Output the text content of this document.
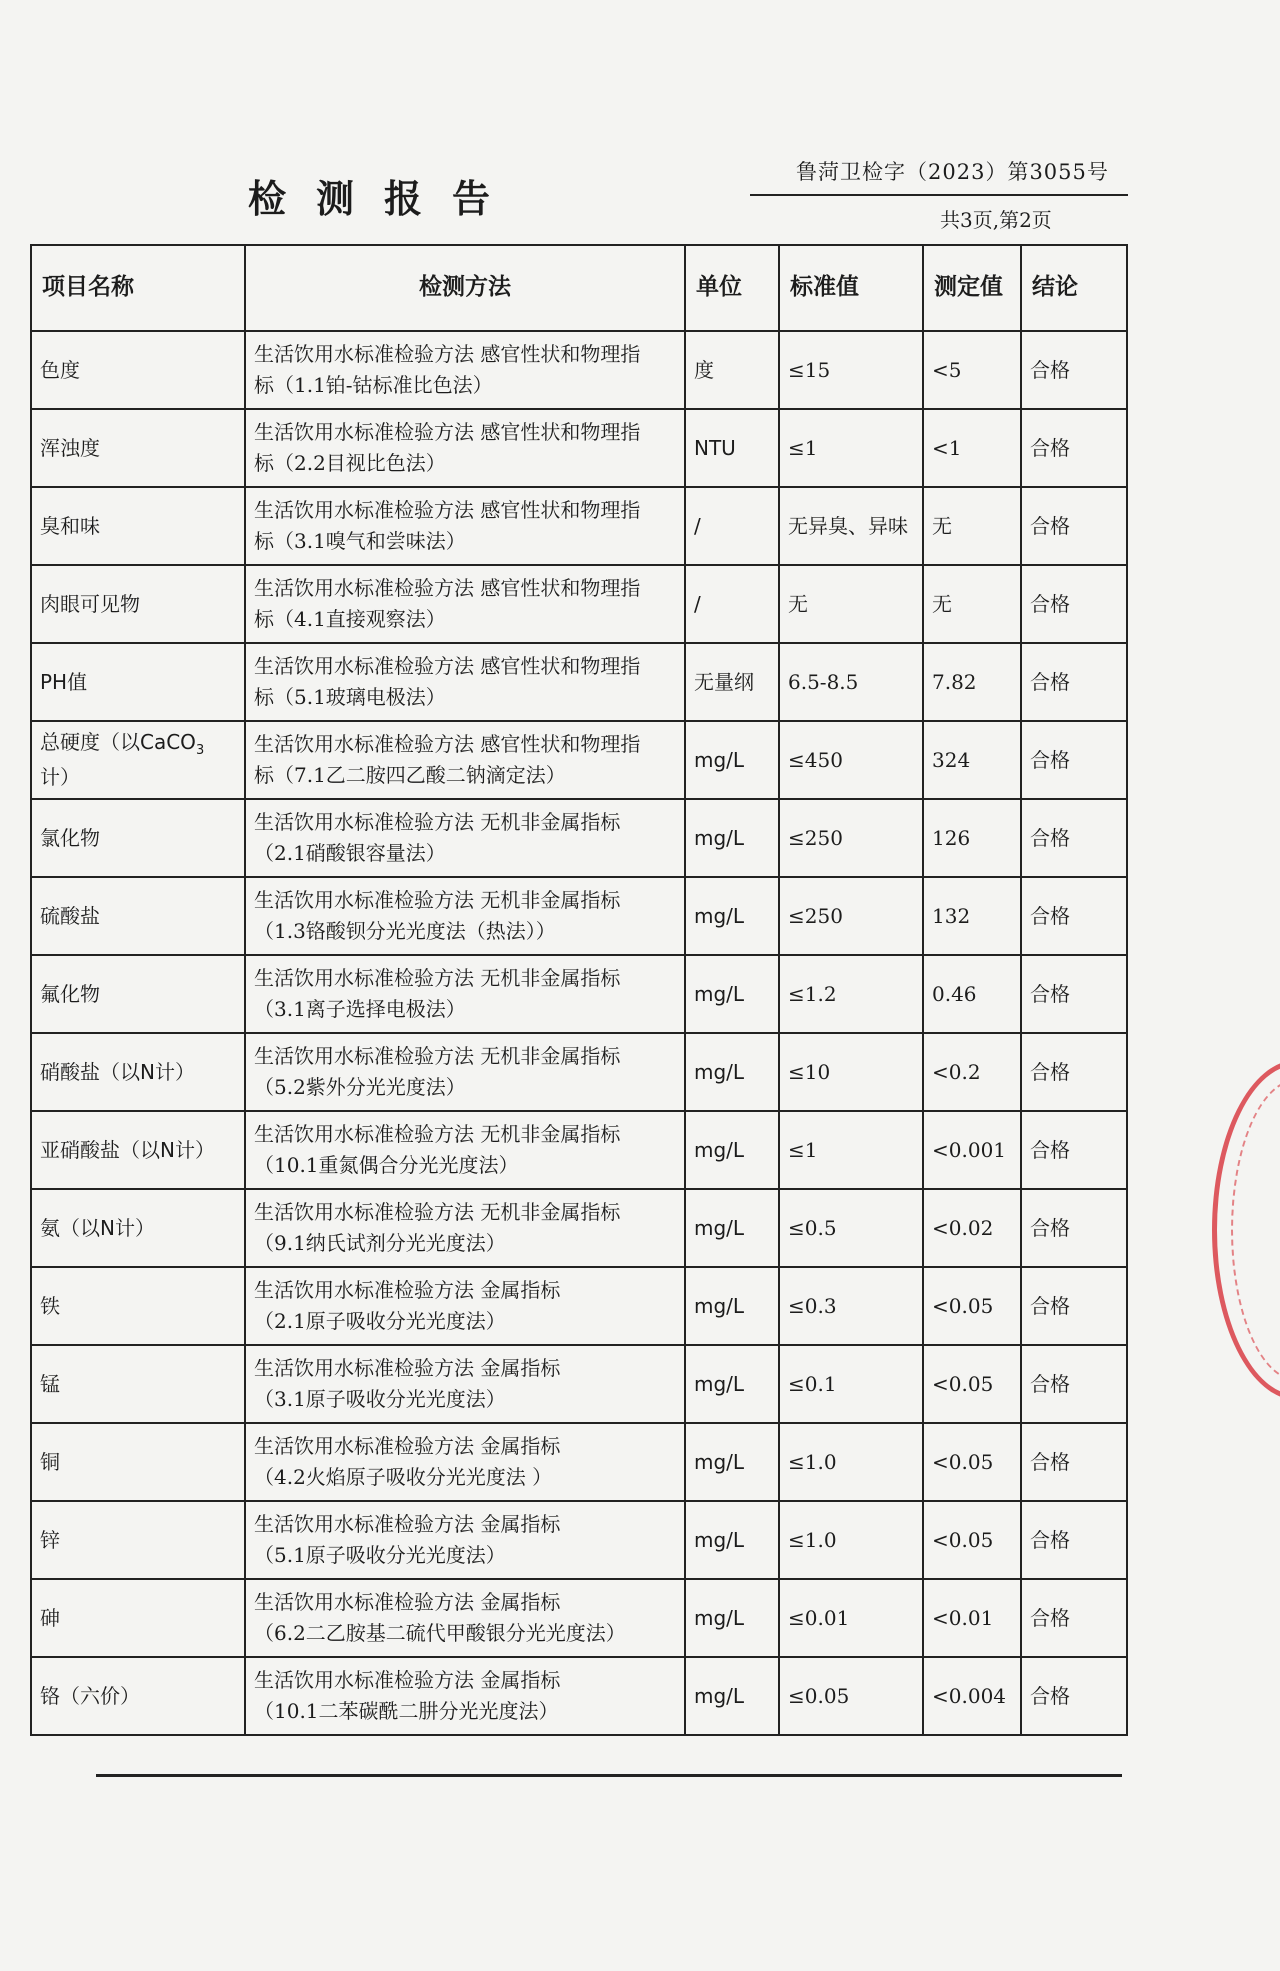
检测报告
鲁菏卫检字（2023）第3055号
共3页,第2页
项目名称	检测方法	单位	标准值	测定值	结论
色度	生活饮用水标准检验方法 感官性状和物理指
标（1.1铂-钴标准比色法）	度	≤15	<5	合格
浑浊度	生活饮用水标准检验方法 感官性状和物理指
标（2.2目视比色法）	NTU	≤1	<1	合格
臭和味	生活饮用水标准检验方法 感官性状和物理指
标（3.1嗅气和尝味法）	/	无异臭、异味	无	合格
肉眼可见物	生活饮用水标准检验方法 感官性状和物理指
标（4.1直接观察法）	/	无	无	合格
PH值	生活饮用水标准检验方法 感官性状和物理指
标（5.1玻璃电极法）	无量纲	6.5-8.5	7.82	合格
总硬度（以CaCO$_3$计）	生活饮用水标准检验方法 感官性状和物理指
标（7.1乙二胺四乙酸二钠滴定法）	mg/L	≤450	324	合格
氯化物	生活饮用水标准检验方法 无机非金属指标
（2.1硝酸银容量法）	mg/L	≤250	126	合格
硫酸盐	生活饮用水标准检验方法 无机非金属指标
（1.3铬酸钡分光光度法（热法））	mg/L	≤250	132	合格
氟化物	生活饮用水标准检验方法 无机非金属指标
（3.1离子选择电极法）	mg/L	≤1.2	0.46	合格
硝酸盐（以N计）	生活饮用水标准检验方法 无机非金属指标
（5.2紫外分光光度法）	mg/L	≤10	<0.2	合格
亚硝酸盐（以N计）	生活饮用水标准检验方法 无机非金属指标
（10.1重氮偶合分光光度法）	mg/L	≤1	<0.001	合格
氨（以N计）	生活饮用水标准检验方法 无机非金属指标
（9.1纳氏试剂分光光度法）	mg/L	≤0.5	<0.02	合格
铁	生活饮用水标准检验方法 金属指标
（2.1原子吸收分光光度法）	mg/L	≤0.3	<0.05	合格
锰	生活饮用水标准检验方法 金属指标
（3.1原子吸收分光光度法）	mg/L	≤0.1	<0.05	合格
铜	生活饮用水标准检验方法 金属指标
（4.2火焰原子吸收分光光度法 ）	mg/L	≤1.0	<0.05	合格
锌	生活饮用水标准检验方法 金属指标
（5.1原子吸收分光光度法）	mg/L	≤1.0	<0.05	合格
砷	生活饮用水标准检验方法 金属指标
（6.2二乙胺基二硫代甲酸银分光光度法）	mg/L	≤0.01	<0.01	合格
铬（六价）	生活饮用水标准检验方法 金属指标
（10.1二苯碳酰二肼分光光度法）	mg/L	≤0.05	<0.004	合格
